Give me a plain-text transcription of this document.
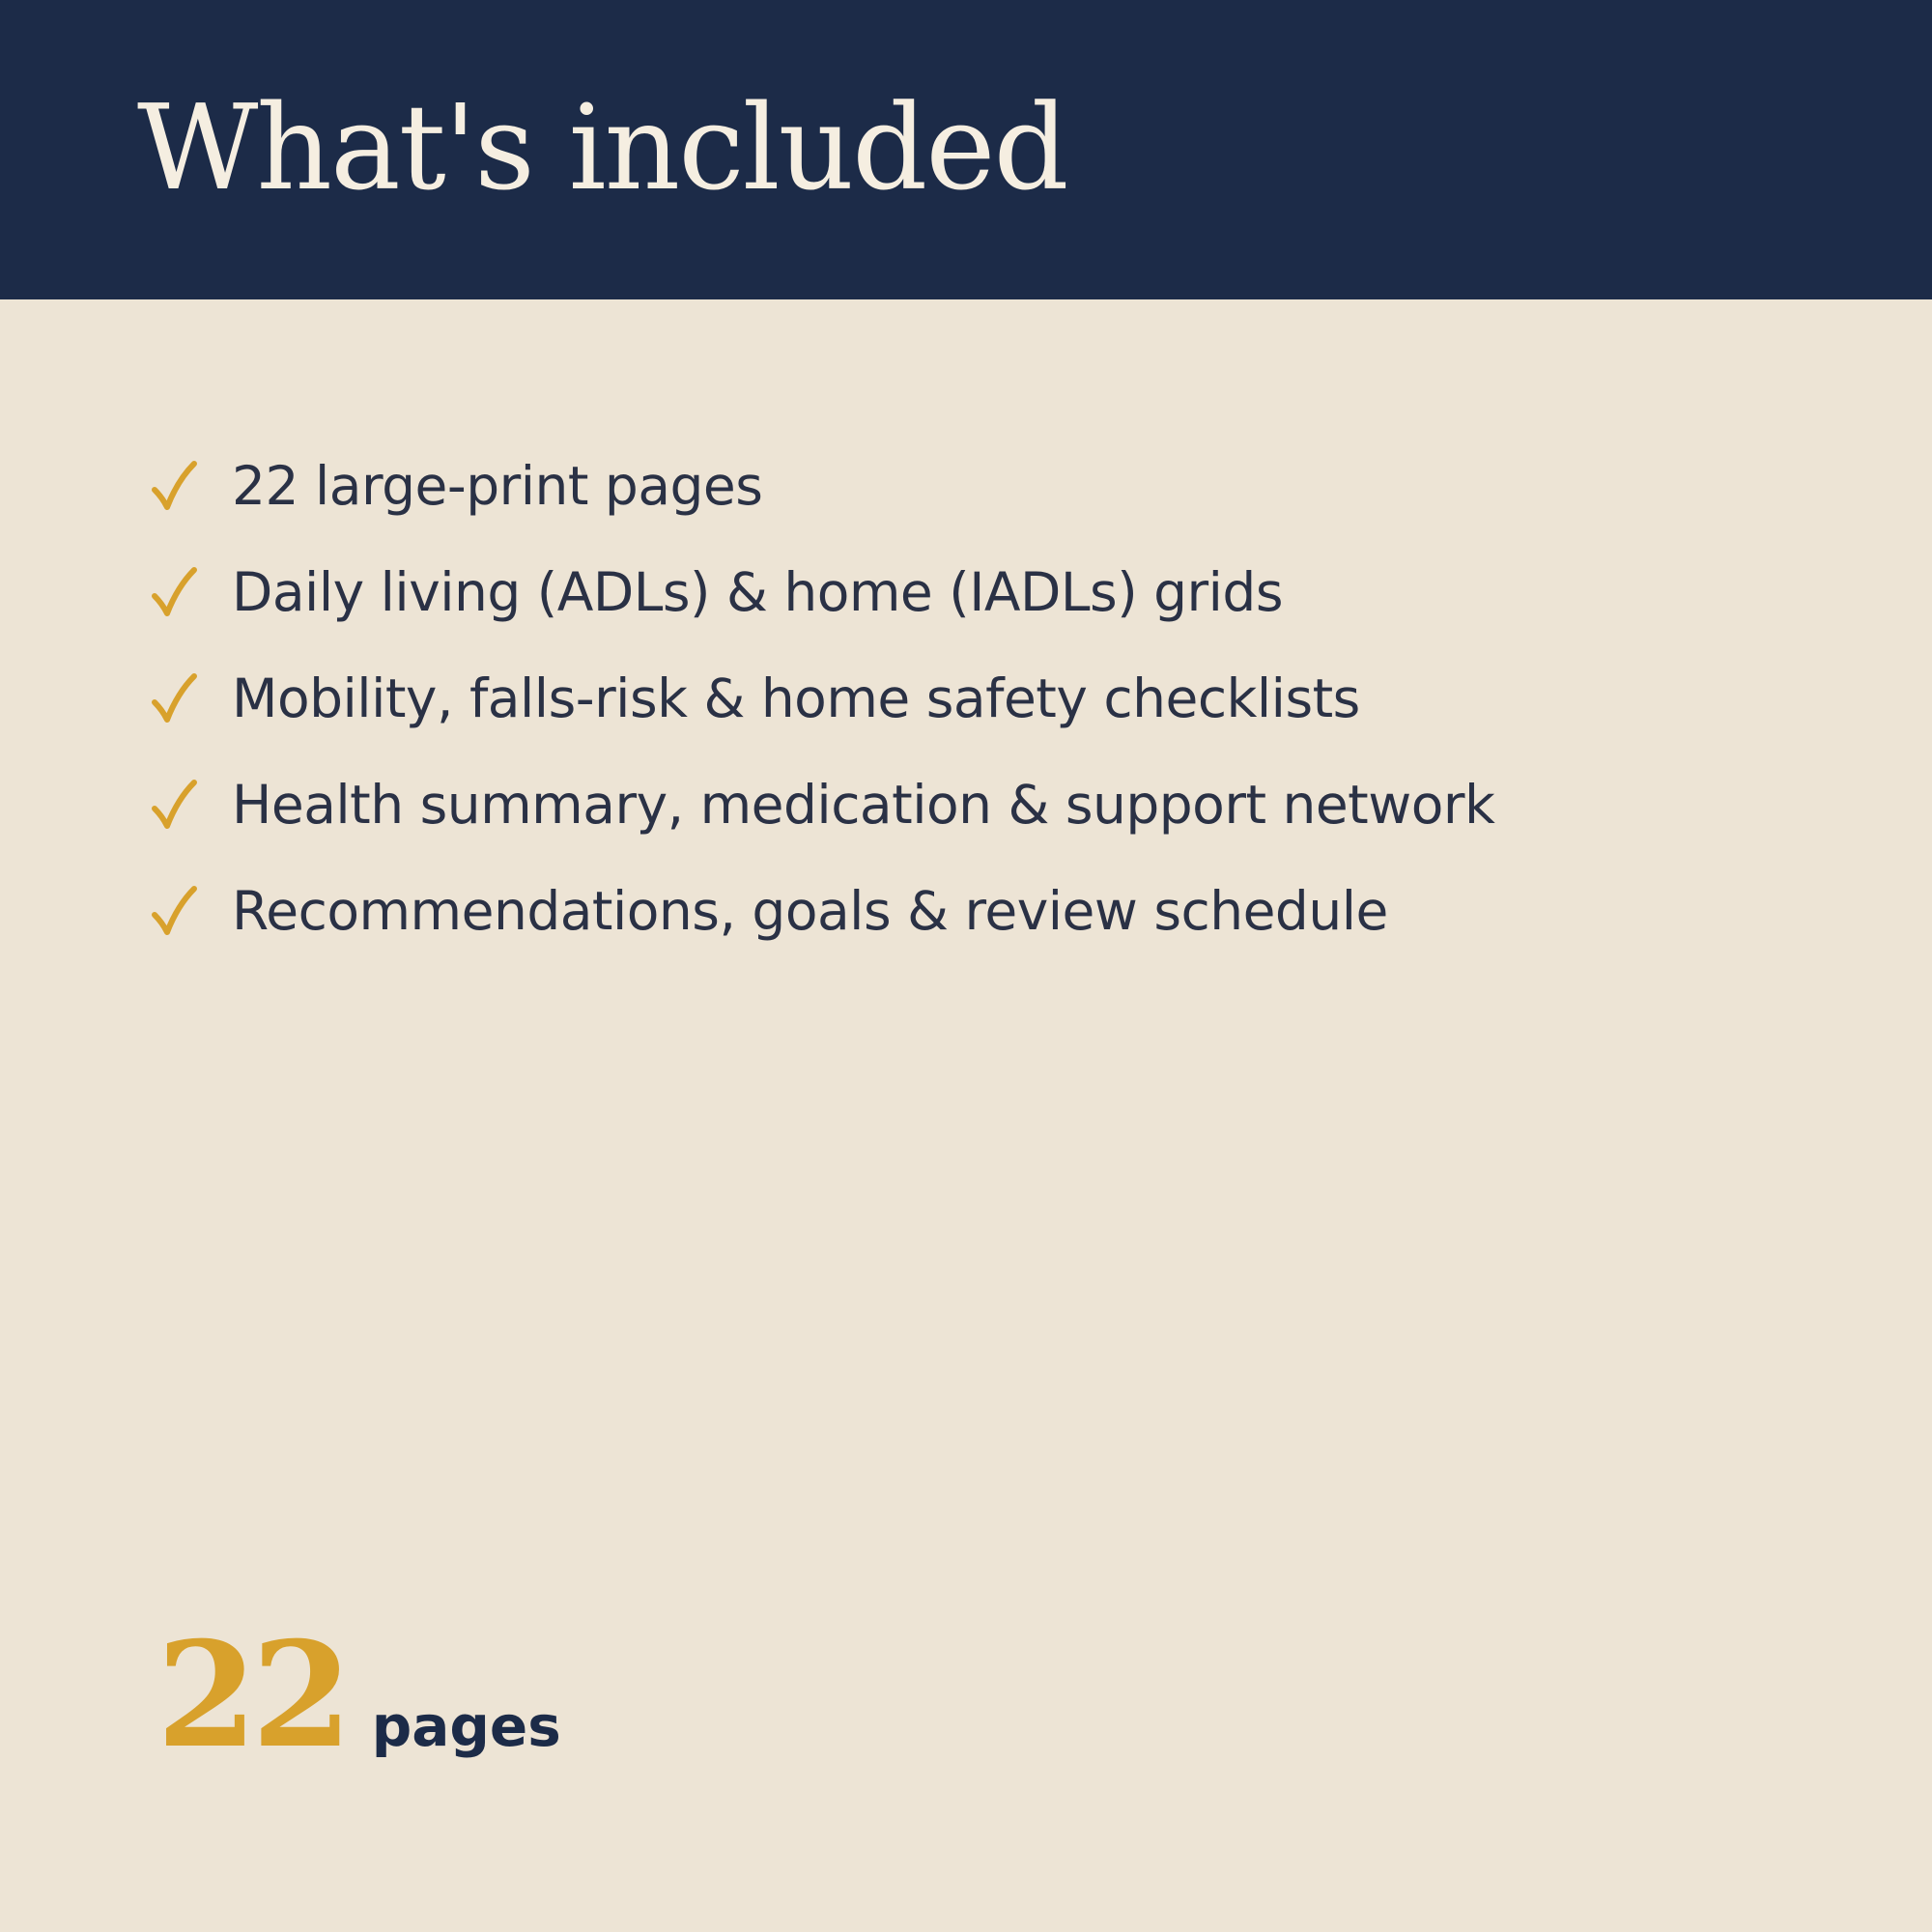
What's included
22 large-print pages
Daily living (ADLs) & home (IADLs) grids
Mobility, falls-risk & home safety checklists
Health summary, medication & support network
Recommendations, goals & review schedule
22 pages
